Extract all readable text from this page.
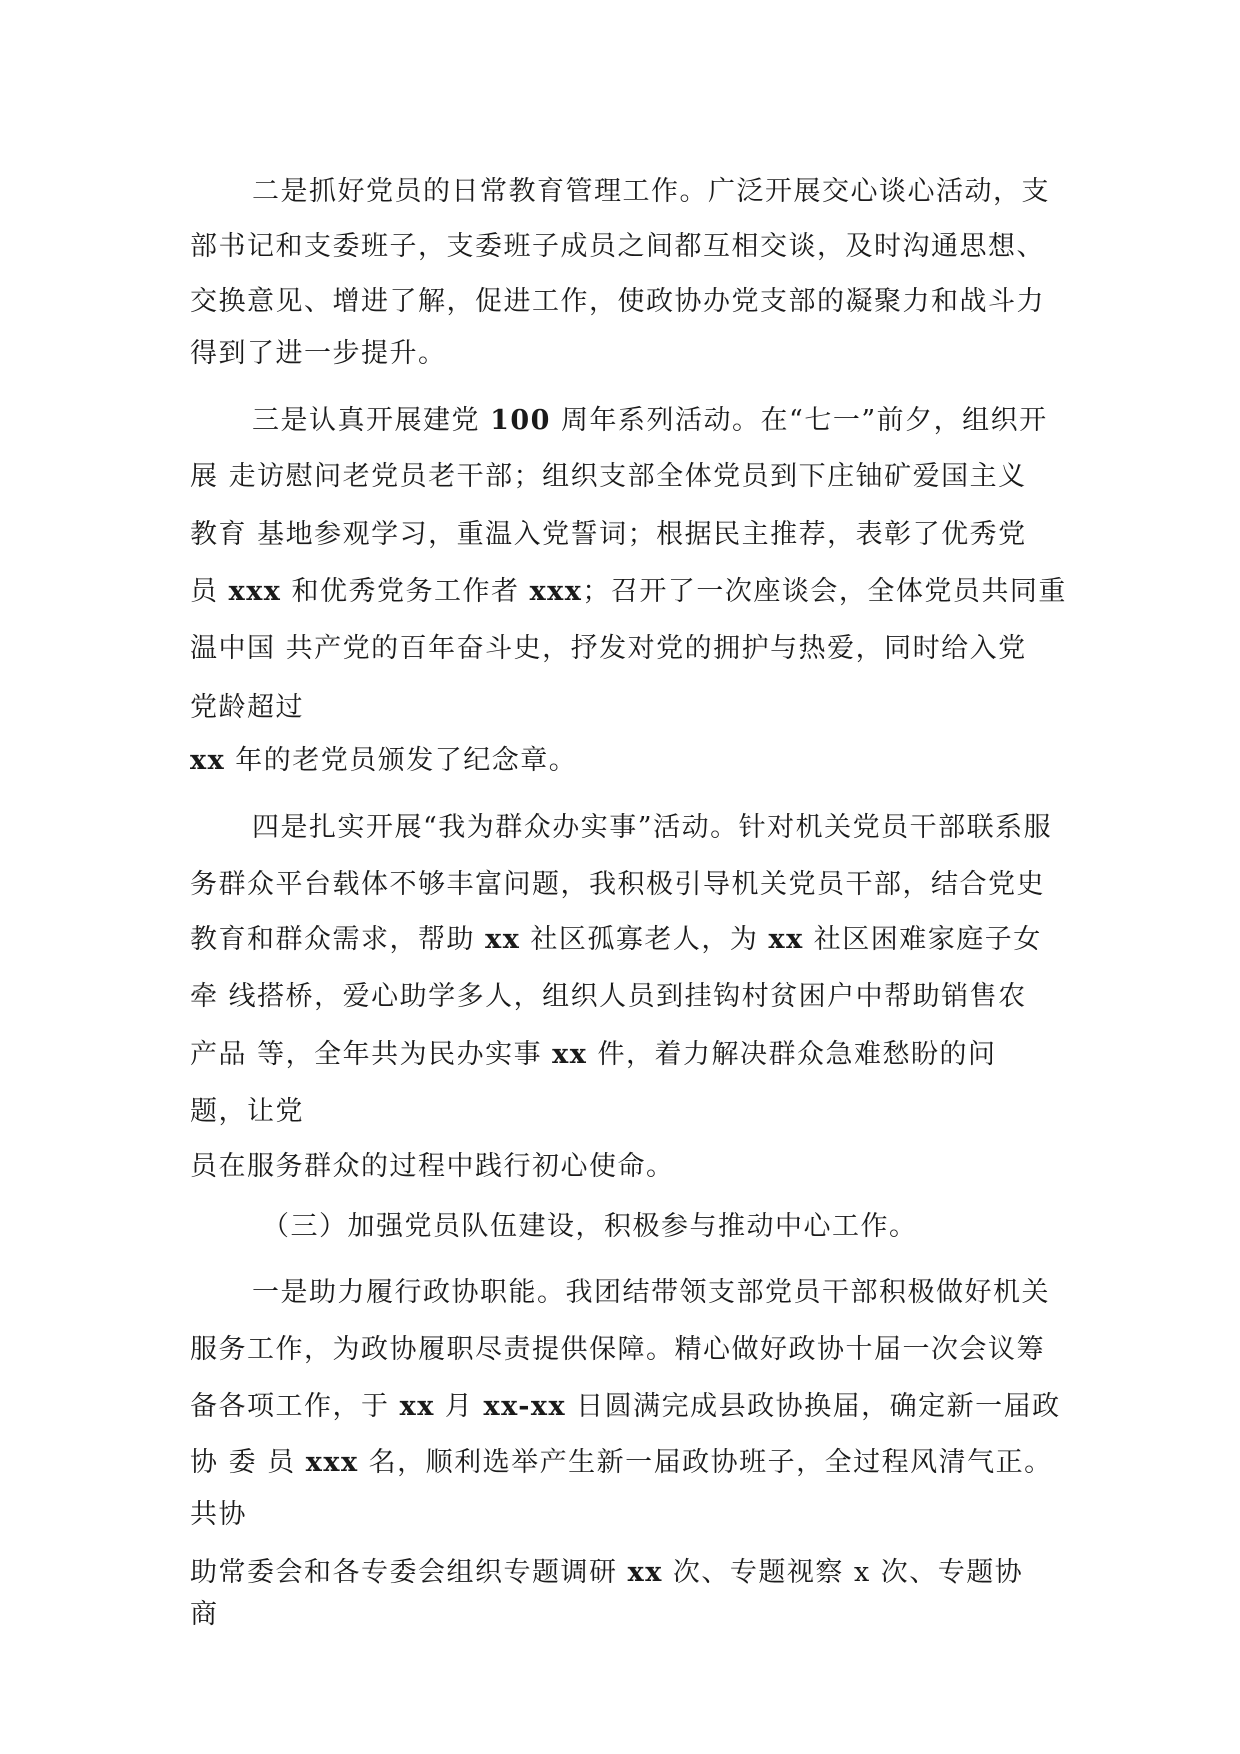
二是抓好党员的日常教育管理工作。广泛开展交心谈心活动，支
部书记和支委班子，支委班子成员之间都互相交谈，及时沟通思想、
交换意见、增进了解，促进工作，使政协办党支部的凝聚力和战斗力
得到了进一步提升。
三是认真开展建党 100 周年系列活动。在“七一”前夕，组织开
展 走访慰问老党员老干部；组织支部全体党员到下庄铀矿爱国主义
教育 基地参观学习，重温入党誓词；根据民主推荐，表彰了优秀党
员 xxx 和优秀党务工作者 xxx；召开了一次座谈会，全体党员共同重
温中国 共产党的百年奋斗史，抒发对党的拥护与热爱，同时给入党
党龄超过
xx 年的老党员颁发了纪念章。
四是扎实开展“我为群众办实事”活动。针对机关党员干部联系服
务群众平台载体不够丰富问题，我积极引导机关党员干部，结合党史
教育和群众需求，帮助 xx 社区孤寡老人，为 xx 社区困难家庭子女
牵 线搭桥，爱心助学多人，组织人员到挂钩村贫困户中帮助销售农
产品 等，全年共为民办实事 xx 件，着力解决群众急难愁盼的问
题，让党
员在服务群众的过程中践行初心使命。
（三）加强党员队伍建设，积极参与推动中心工作。
一是助力履行政协职能。我团结带领支部党员干部积极做好机关
服务工作，为政协履职尽责提供保障。精心做好政协十届一次会议筹
备各项工作，于 xx 月 xx-xx 日圆满完成县政协换届，确定新一届政
协 委 员 xxx 名，顺利选举产生新一届政协班子，全过程风清气正。
共协
助常委会和各专委会组织专题调研 xx 次、专题视察 x 次、专题协
商
